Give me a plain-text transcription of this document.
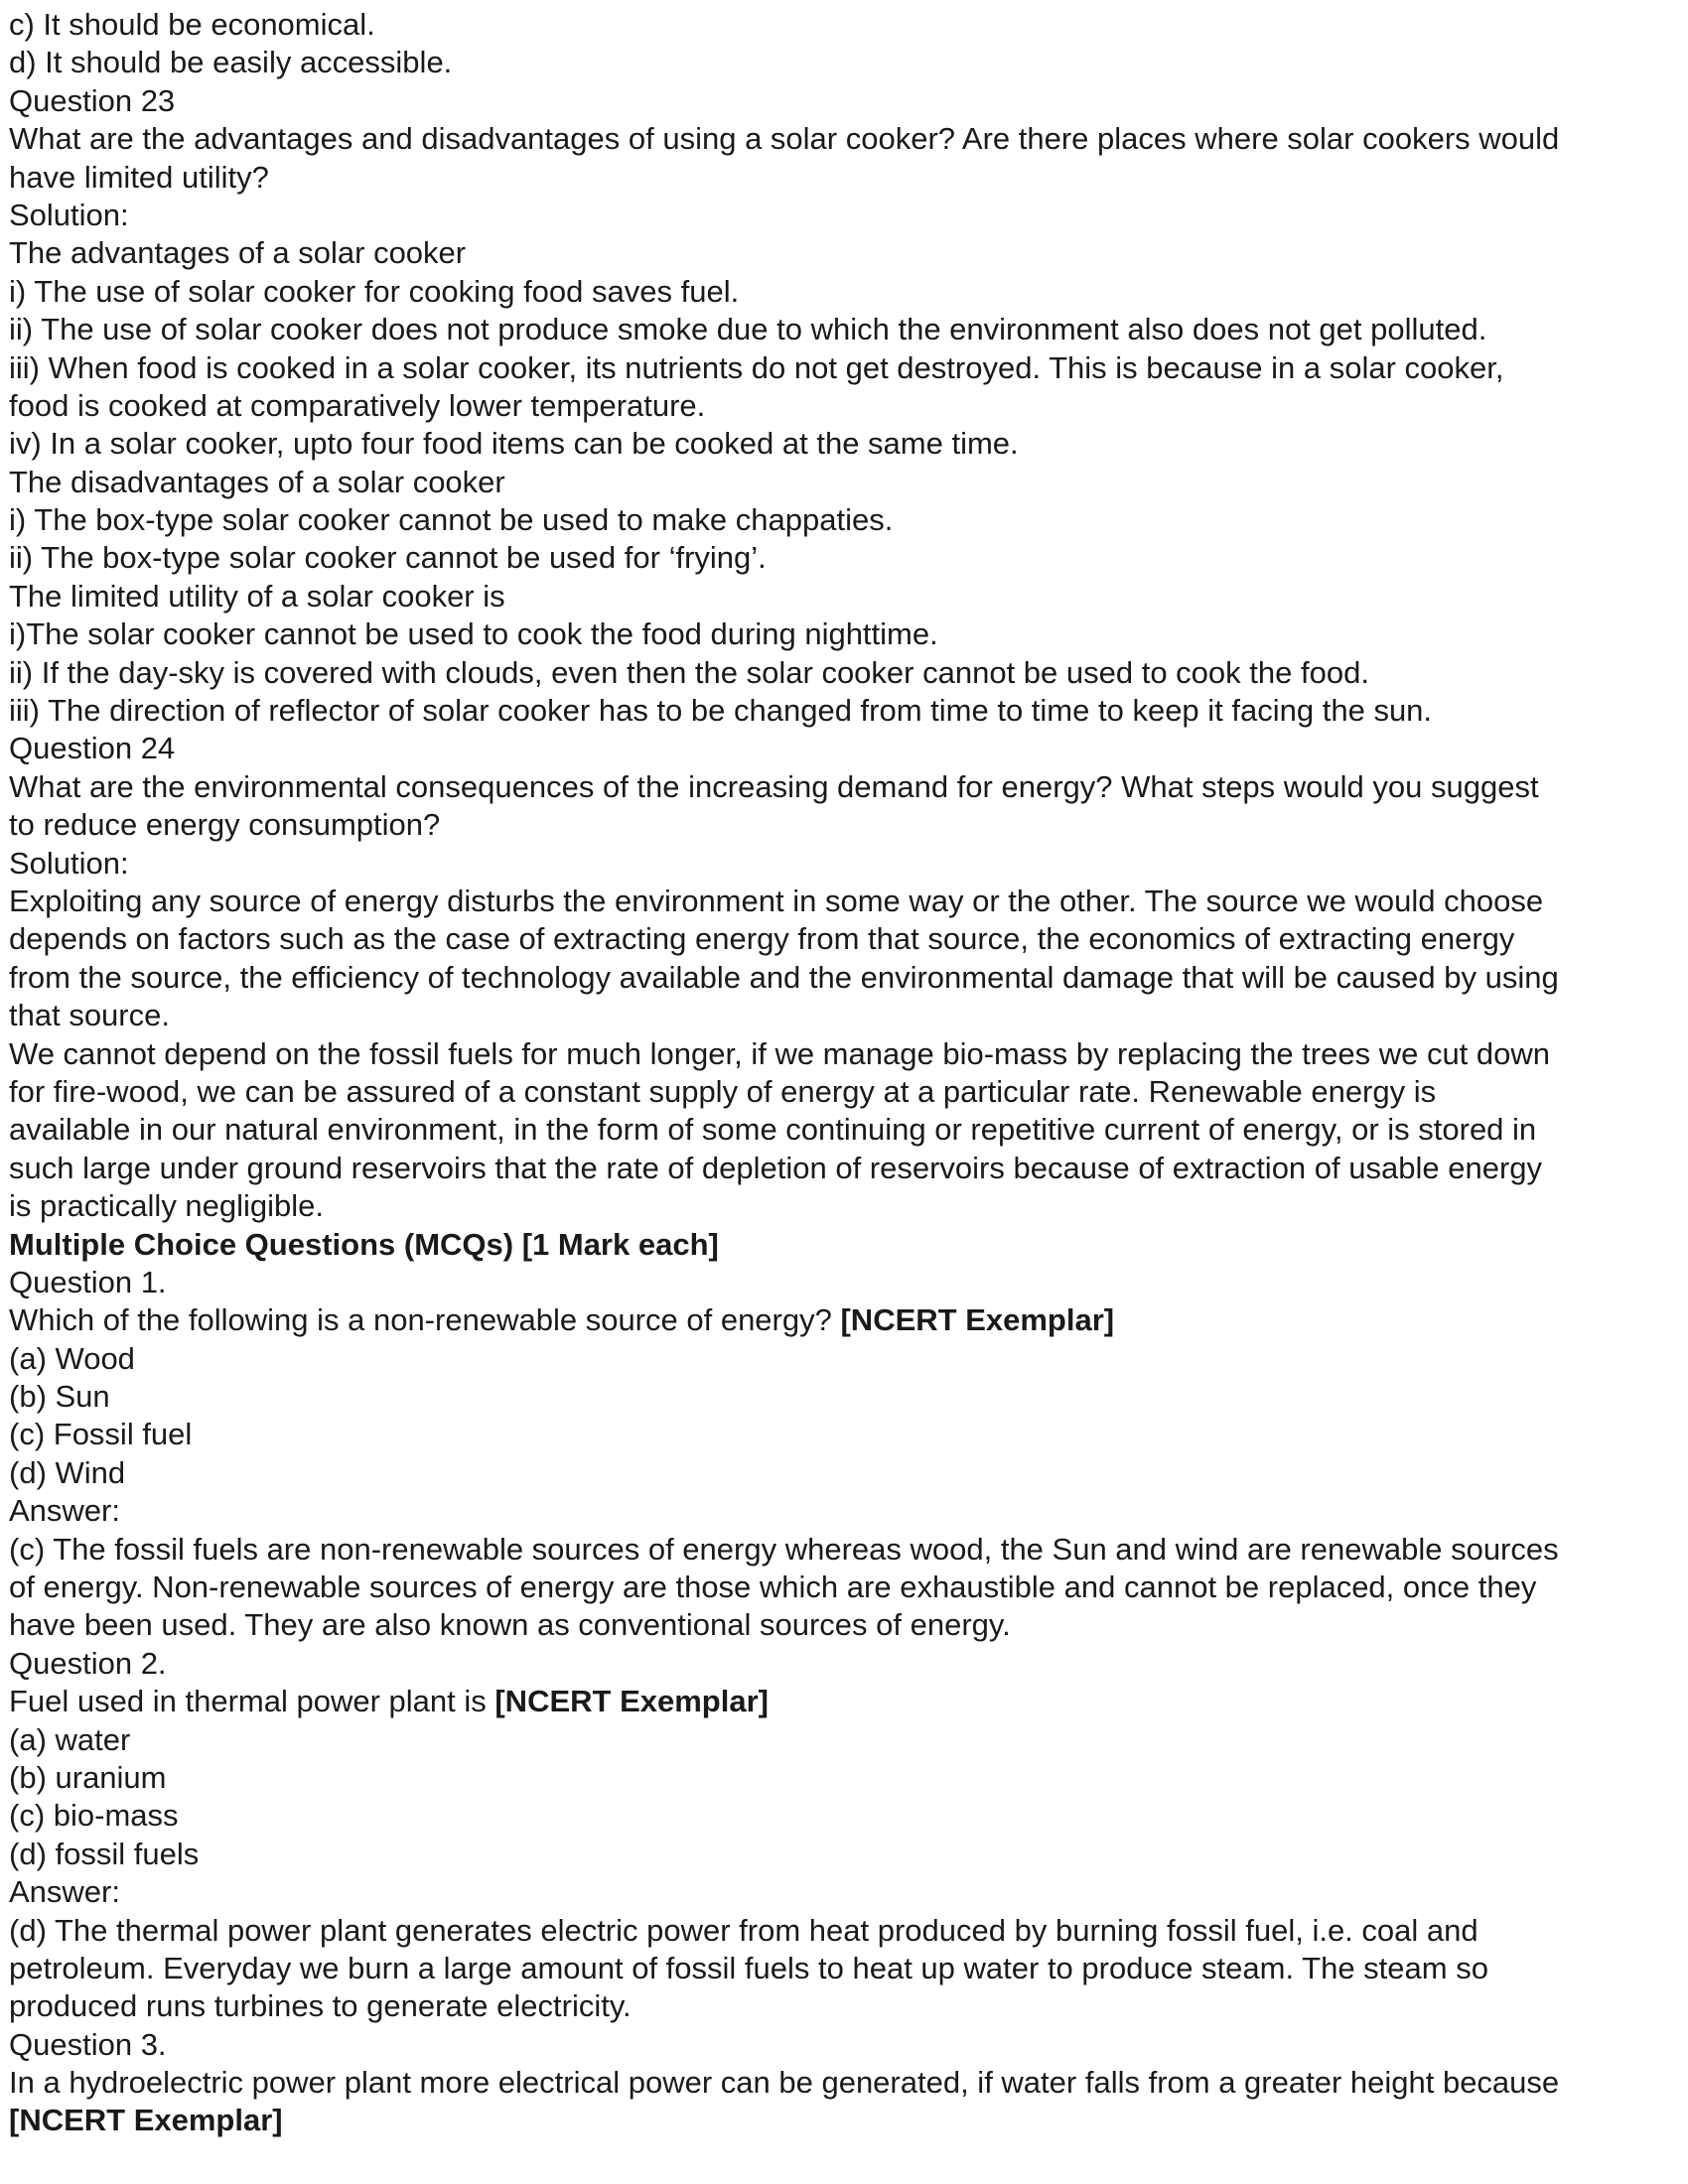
c) It should be economical.
d) It should be easily accessible.
Question 23
What are the advantages and disadvantages of using a solar cooker? Are there places where solar cookers would
have limited utility?
Solution:
The advantages of a solar cooker
i) The use of solar cooker for cooking food saves fuel.
ii) The use of solar cooker does not produce smoke due to which the environment also does not get polluted.
iii) When food is cooked in a solar cooker, its nutrients do not get destroyed. This is because in a solar cooker,
food is cooked at comparatively lower temperature.
iv) In a solar cooker, upto four food items can be cooked at the same time.
The disadvantages of a solar cooker
i) The box-type solar cooker cannot be used to make chappaties.
ii) The box-type solar cooker cannot be used for ‘frying’.
The limited utility of a solar cooker is
i)The solar cooker cannot be used to cook the food during nighttime.
ii) If the day-sky is covered with clouds, even then the solar cooker cannot be used to cook the food.
iii) The direction of reflector of solar cooker has to be changed from time to time to keep it facing the sun.
Question 24
What are the environmental consequences of the increasing demand for energy? What steps would you suggest
to reduce energy consumption?
Solution:
Exploiting any source of energy disturbs the environment in some way or the other. The source we would choose
depends on factors such as the case of extracting energy from that source, the economics of extracting energy
from the source, the efficiency of technology available and the environmental damage that will be caused by using
that source.
We cannot depend on the fossil fuels for much longer, if we manage bio-mass by replacing the trees we cut down
for fire-wood, we can be assured of a constant supply of energy at a particular rate. Renewable energy is
available in our natural environment, in the form of some continuing or repetitive current of energy, or is stored in
such large under ground reservoirs that the rate of depletion of reservoirs because of extraction of usable energy
is practically negligible.
Multiple Choice Questions (MCQs) [1 Mark each]
Question 1.
Which of the following is a non-renewable source of energy? [NCERT Exemplar]
(a) Wood
(b) Sun
(c) Fossil fuel
(d) Wind
Answer:
(c) The fossil fuels are non-renewable sources of energy whereas wood, the Sun and wind are renewable sources
of energy. Non-renewable sources of energy are those which are exhaustible and cannot be replaced, once they
have been used. They are also known as conventional sources of energy.
Question 2.
Fuel used in thermal power plant is [NCERT Exemplar]
(a) water
(b) uranium
(c) bio-mass
(d) fossil fuels
Answer:
(d) The thermal power plant generates electric power from heat produced by burning fossil fuel, i.e. coal and
petroleum. Everyday we burn a large amount of fossil fuels to heat up water to produce steam. The steam so
produced runs turbines to generate electricity.
Question 3.
In a hydroelectric power plant more electrical power can be generated, if water falls from a greater height because
[NCERT Exemplar]
